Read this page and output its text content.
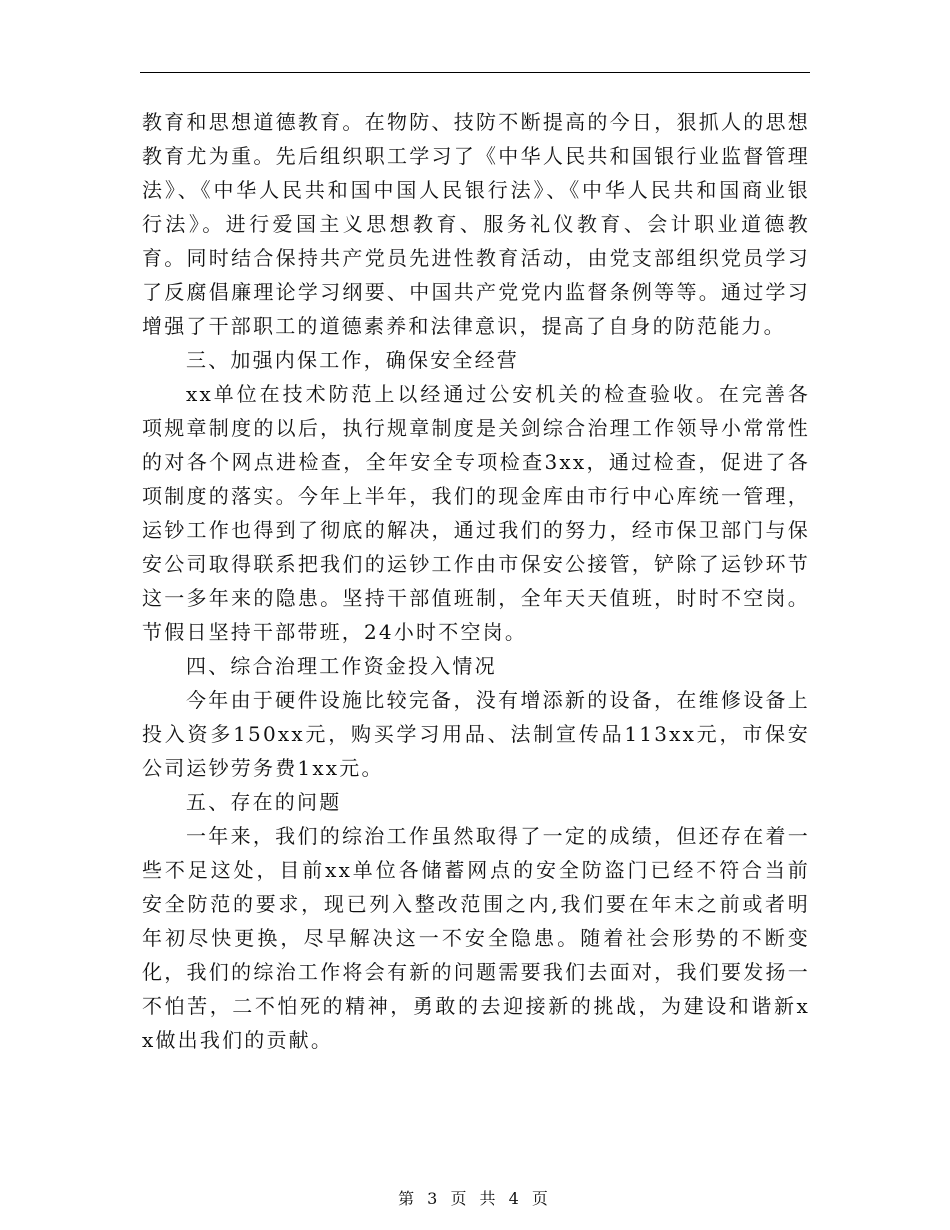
教育和思想道德教育。在物防、技防不断提高的今日，狠抓人的思想教育尤为重。先后组织职工学习了《中华人民共和国银行业监督管理法》、《中华人民共和国中国人民银行法》、《中华人民共和国商业银行法》。进行爱国主义思想教育、服务礼仪教育、会计职业道德教育。同时结合保持共产党员先进性教育活动，由党支部组织党员学习了反腐倡廉理论学习纲要、中国共产党党内监督条例等等。通过学习增强了干部职工的道德素养和法律意识，提高了自身的防范能力。

三、加强内保工作，确保安全经营

xx单位在技术防范上以经通过公安机关的检查验收。在完善各项规章制度的以后，执行规章制度是关剑综合治理工作领导小常常性的对各个网点进检查，全年安全专项检查3xx，通过检查，促进了各项制度的落实。今年上半年，我们的现金库由市行中心库统一管理，运钞工作也得到了彻底的解决，通过我们的努力，经市保卫部门与保安公司取得联系把我们的运钞工作由市保安公接管，铲除了运钞环节这一多年来的隐患。坚持干部值班制，全年天天值班，时时不空岗。节假日坚持干部带班，24小时不空岗。

四、综合治理工作资金投入情况

今年由于硬件设施比较完备，没有增添新的设备，在维修设备上投入资多150xx元，购买学习用品、法制宣传品113xx元，市保安公司运钞劳务费1xx元。

五、存在的问题

一年来，我们的综治工作虽然取得了一定的成绩，但还存在着一些不足这处，目前xx单位各储蓄网点的安全防盗门已经不符合当前安全防范的要求，现已列入整改范围之内,我们要在年末之前或者明年初尽快更换，尽早解决这一不安全隐患。随着社会形势的不断变化，我们的综治工作将会有新的问题需要我们去面对，我们要发扬一不怕苦，二不怕死的精神，勇敢的去迎接新的挑战，为建设和谐新xx做出我们的贡献。

第 3 页 共 4 页
